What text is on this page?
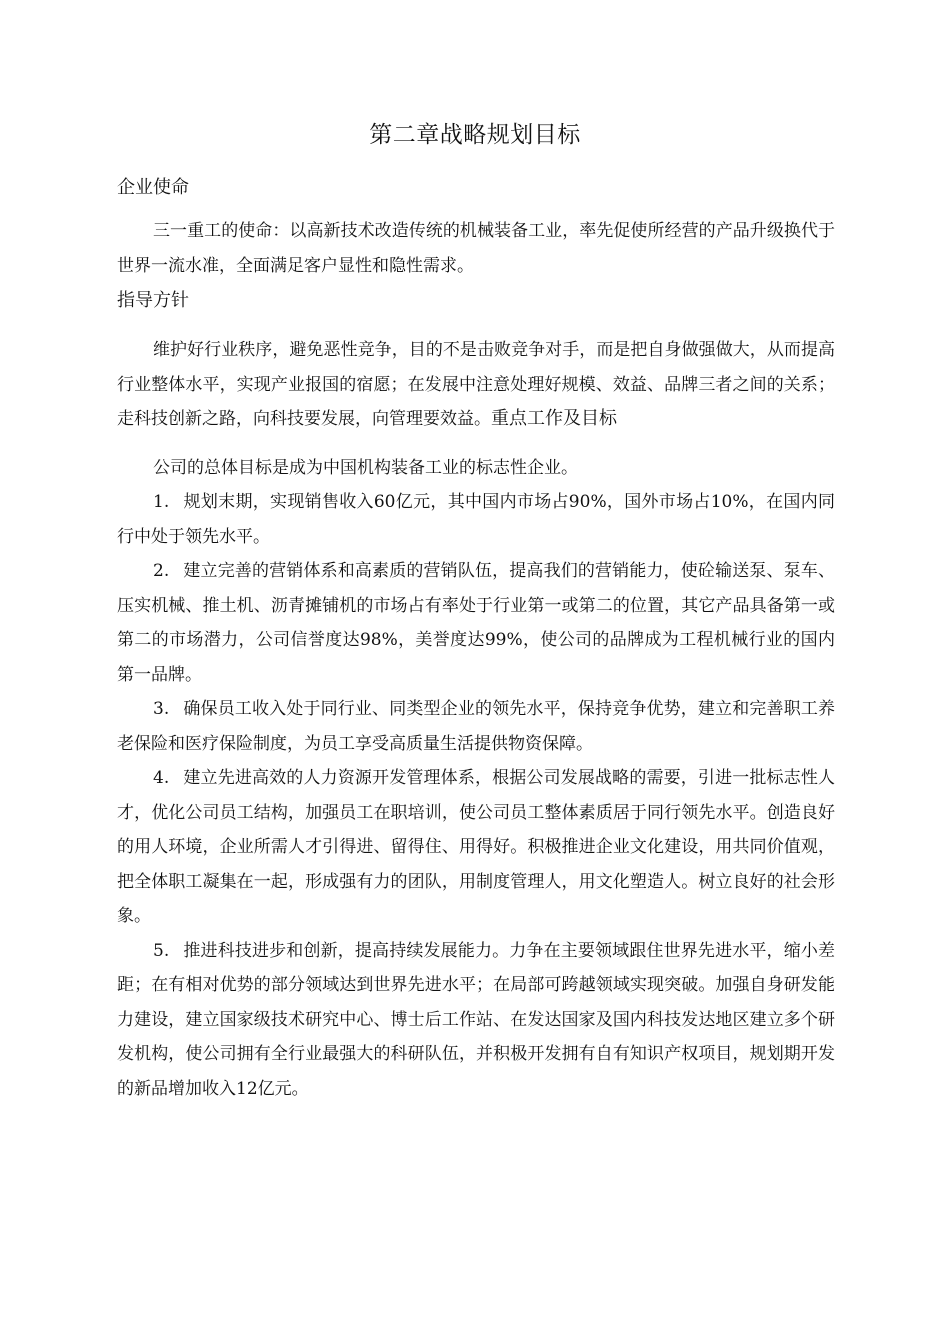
第二章战略规划目标
企业使命

三一重工的使命：以高新技术改造传统的机械装备工业，率先促使所经营的产品升级换代于世界一流水准，全面满足客户显性和隐性需求。

指导方针

维护好行业秩序，避免恶性竞争，目的不是击败竞争对手，而是把自身做强做大，从而提高行业整体水平，实现产业报国的宿愿；在发展中注意处理好规模、效益、品牌三者之间的关系；走科技创新之路，向科技要发展，向管理要效益。重点工作及目标

公司的总体目标是成为中国机构装备工业的标志性企业。

1. 规划末期，实现销售收入60亿元，其中国内市场占90%，国外市场占10%，在国内同行中处于领先水平。

2. 建立完善的营销体系和高素质的营销队伍，提高我们的营销能力，使砼输送泵、泵车、压实机械、推土机、沥青摊铺机的市场占有率处于行业第一或第二的位置，其它产品具备第一或第二的市场潜力，公司信誉度达98%，美誉度达99%，使公司的品牌成为工程机械行业的国内第一品牌。

3. 确保员工收入处于同行业、同类型企业的领先水平，保持竞争优势，建立和完善职工养老保险和医疗保险制度，为员工享受高质量生活提供物资保障。

4. 建立先进高效的人力资源开发管理体系，根据公司发展战略的需要，引进一批标志性人才，优化公司员工结构，加强员工在职培训，使公司员工整体素质居于同行领先水平。创造良好的用人环境，企业所需人才引得进、留得住、用得好。积极推进企业文化建设，用共同价值观，把全体职工凝集在一起，形成强有力的团队，用制度管理人，用文化塑造人。树立良好的社会形象。

5. 推进科技进步和创新，提高持续发展能力。力争在主要领域跟住世界先进水平，缩小差距；在有相对优势的部分领域达到世界先进水平；在局部可跨越领域实现突破。加强自身研发能力建设，建立国家级技术研究中心、博士后工作站、在发达国家及国内科技发达地区建立多个研发机构，使公司拥有全行业最强大的科研队伍，并积极开发拥有自有知识产权项目，规划期开发的新品增加收入12亿元。
